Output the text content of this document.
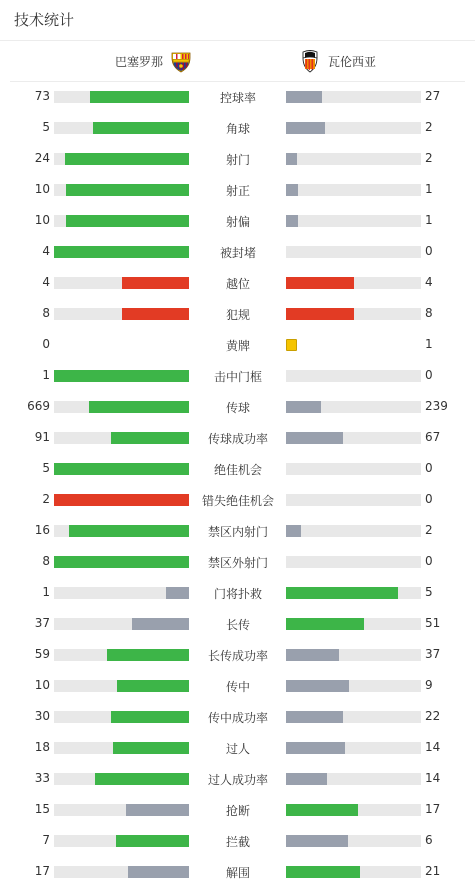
技术统计
巴塞罗那	瓦伦西亚
73	控球率	27
5	角球	2
24	射门	2
10	射正	1
10	射偏	1
4	被封堵	0
4	越位	4
8	犯规	8
0	黄牌	1
1	击中门框	0
669	传球	239
91	传球成功率	67
5	绝佳机会	0
2	错失绝佳机会	0
16	禁区内射门	2
8	禁区外射门	0
1	门将扑救	5
37	长传	51
59	长传成功率	37
10	传中	9
30	传中成功率	22
18	过人	14
33	过人成功率	14
15	抢断	17
7	拦截	6
17	解围	21
